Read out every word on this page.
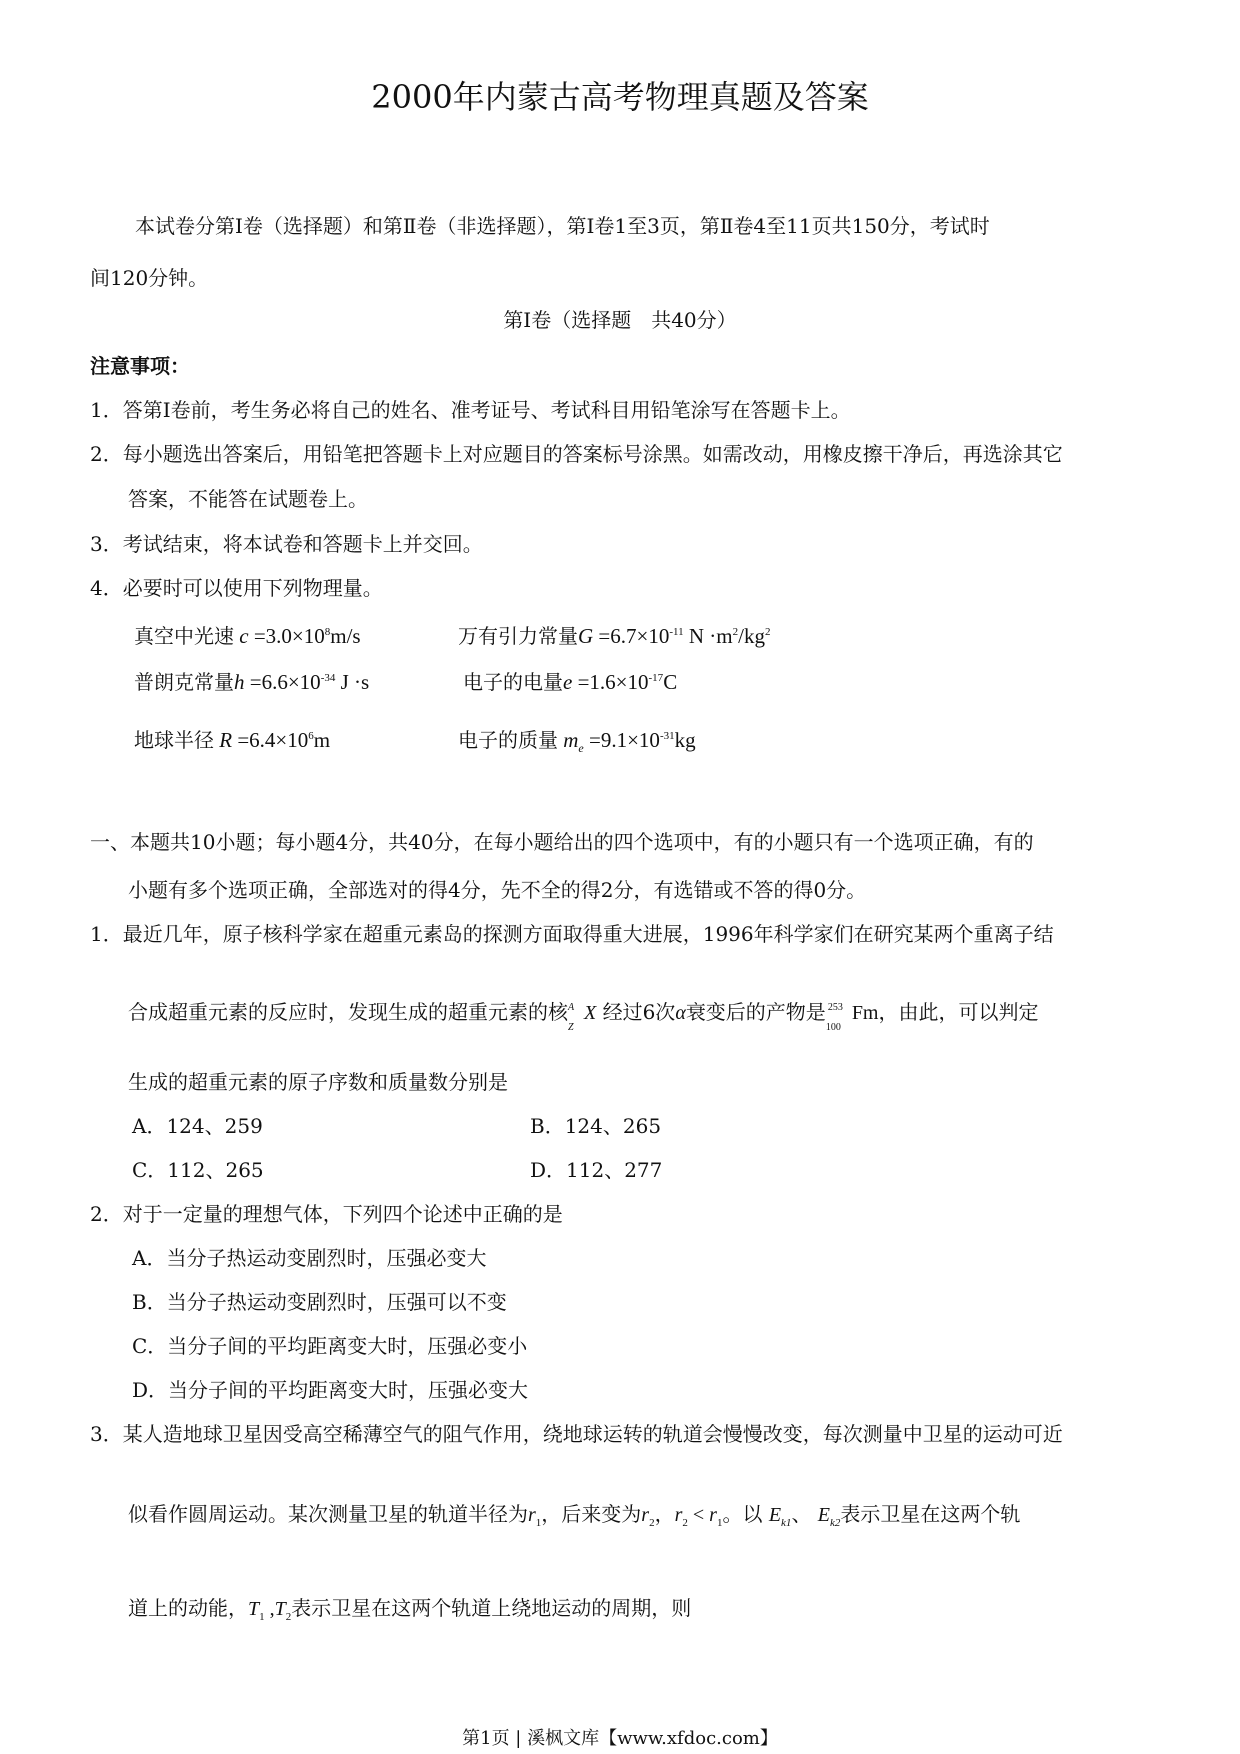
2000年内蒙古高考物理真题及答案
本试卷分第Ⅰ卷（选择题）和第Ⅱ卷（非选择题），第Ⅰ卷1至3页，第Ⅱ卷4至11页共150分，考试时
间120分钟。
第Ⅰ卷（选择题　共40分）
注意事项：
1．答第Ⅰ卷前，考生务必将自己的姓名、准考证号、考试科目用铅笔涂写在答题卡上。
2．每小题选出答案后，用铅笔把答题卡上对应题目的答案标号涂黑。如需改动，用橡皮擦干净后，再选涂其它
答案，不能答在试题卷上。
3．考试结束，将本试卷和答题卡上并交回。
4．必要时可以使用下列物理量。
真空中光速 $c =3.0\times 10^8m/s$	万有引力常量$G =6.7\times 10^{-11}$ $N \cdot m^2/kg^2$
普朗克常量$h =6.6\times 10^{-34}$ J ·s	电子的电量$e =1.6\times 10^{-17}C$
地球半径 $R =6.4\times 10^6m$	电子的质量 $m_e =9.1\times 10^{-31}kg$
一、本题共10小题；每小题4分，共40分，在每小题给出的四个选项中，有的小题只有一个选项正确，有的
小题有多个选项正确，全部选对的得4分，先不全的得2分，有选错或不答的得0分。
1．最近几年，原子核科学家在超重元素岛的探测方面取得重大进展，1996年科学家们在研究某两个重离子结
合成超重元素的反应时，发现生成的超重元素的核 A
Z
X 经过6次α衰变后的产物是 253
100
Fm，由此，可以判定
生成的超重元素的原子序数和质量数分别是
A．124、259	B．124、265
C．112、265	D．112、277
2．对于一定量的理想气体，下列四个论述中正确的是
A．当分子热运动变剧烈时，压强必变大
B．当分子热运动变剧烈时，压强可以不变
C．当分子间的平均距离变大时，压强必变小
D．当分子间的平均距离变大时，压强必变大
3．某人造地球卫星因受高空稀薄空气的阻气作用，绕地球运转的轨道会慢慢改变，每次测量中卫星的运动可近
似看作圆周运动。某次测量卫星的轨道半径为$r_1$，后来变为$r_2$，$r_2 < r_1$。以 $E_{k1}$、 $E_{k2}$表示卫星在这两个轨
道上的动能，$T_1$ $,T_2$表示卫星在这两个轨道上绕地运动的周期，则
第1页 | 溪枫文库【www.xfdoc.com】
